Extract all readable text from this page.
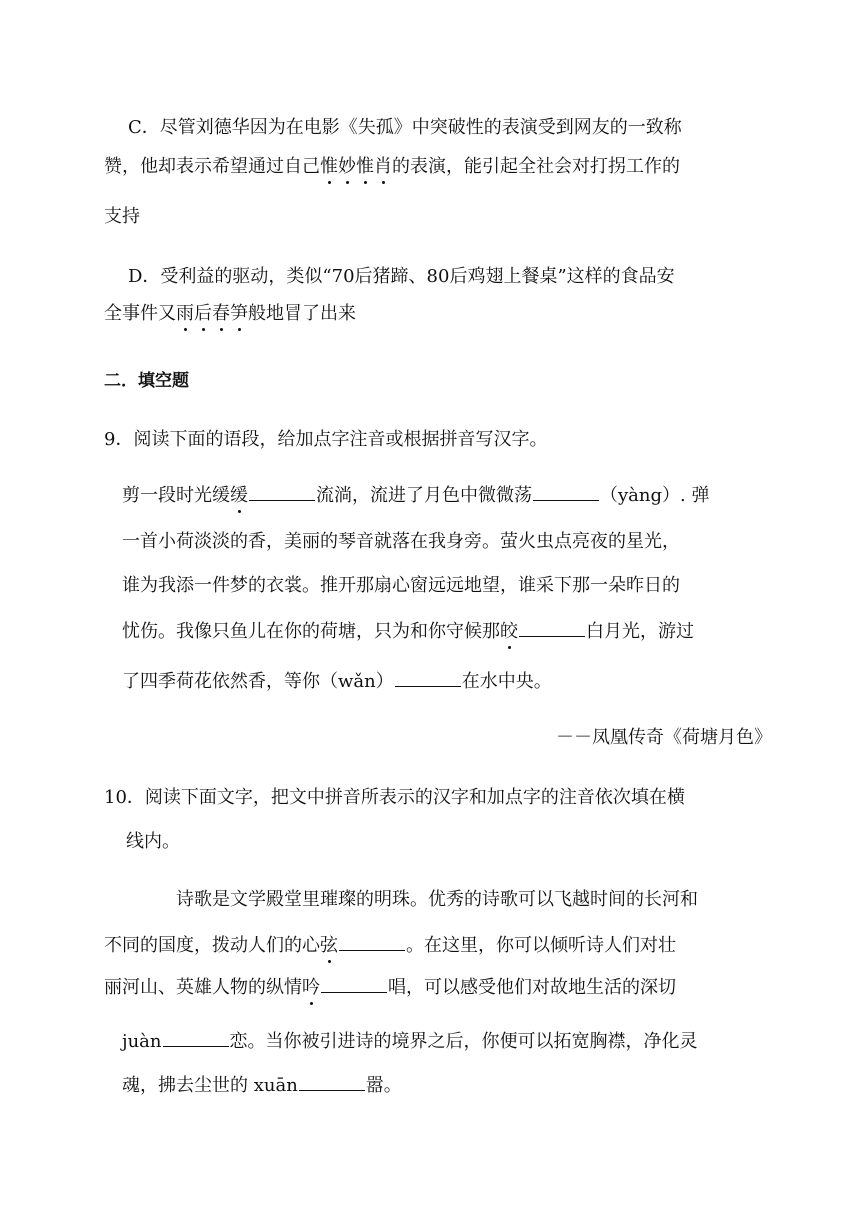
C．尽管刘德华因为在电影《失孤》中突破性的表演受到网友的一致称
赞，他却表示希望通过自己惟妙惟肖的表演，能引起全社会对打拐工作的
支持
D．受利益的驱动，类似“70后猪蹄、80后鸡翅上餐桌”这样的食品安
全事件又雨后春笋般地冒了出来
二．填空题
9．阅读下面的语段，给加点字注音或根据拼音写汉字。
剪一段时光缓缓	流淌，流进了月色中微微荡	（yàng）. 弹
一首小荷淡淡的香，美丽的琴音就落在我身旁。萤火虫点亮夜的星光，
谁为我添一件梦的衣裳。推开那扇心窗远远地望，谁采下那一朵昨日的
忧伤。我像只鱼儿在你的荷塘，只为和你守候那皎	白月光，游过
了四季荷花依然香，等你（wǎn）	在水中央。
－－凤凰传奇《荷塘月色》
10．阅读下面文字，把文中拼音所表示的汉字和加点字的注音依次填在横
线内。
诗歌是文学殿堂里璀璨的明珠。优秀的诗歌可以飞越时间的长河和
不同的国度，拨动人们的心弦	。在这里，你可以倾听诗人们对壮
丽河山、英雄人物的纵情吟	唱，可以感受他们对故地生活的深切
juàn	恋。当你被引进诗的境界之后，你便可以拓宽胸襟，净化灵
魂，拂去尘世的 xuān	嚣。
